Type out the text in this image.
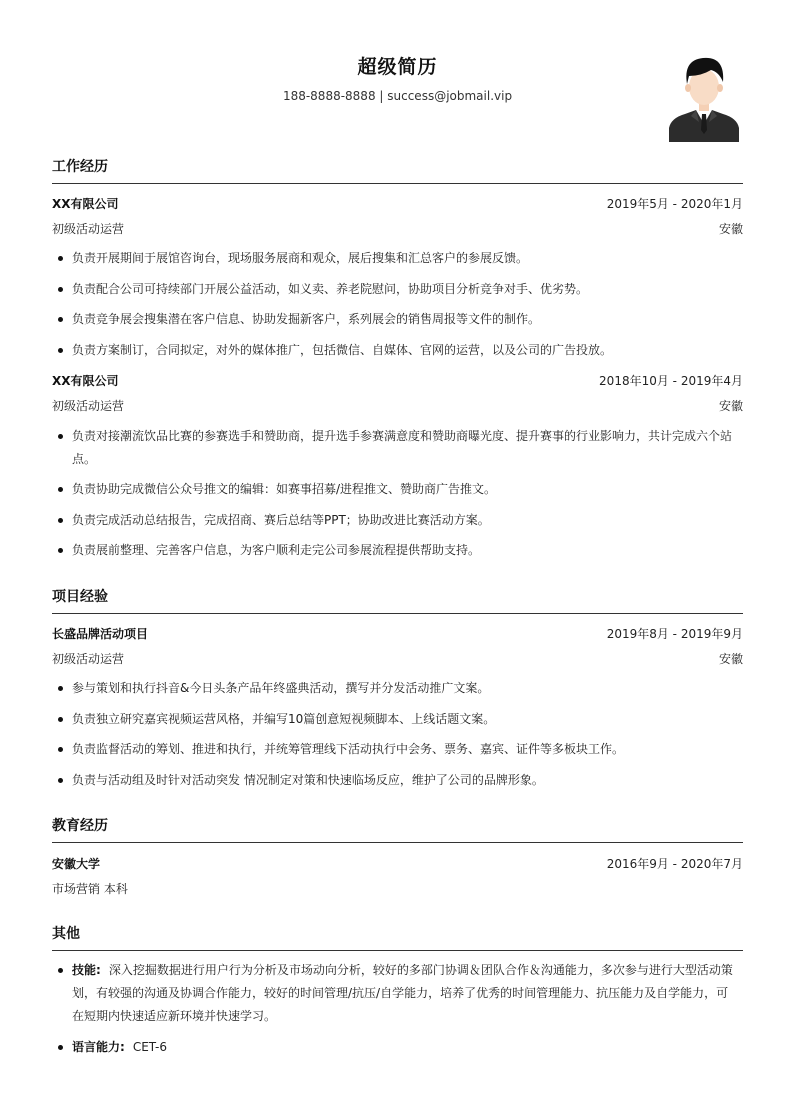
超级简历
188-8888-8888 | success@jobmail.vip
工作经历
XX有限公司	2019年5月 - 2020年1月
初级活动运营	安徽
负责开展期间于展馆咨询台，现场服务展商和观众，展后搜集和汇总客户的参展反馈。
负责配合公司可持续部门开展公益活动，如义卖、养老院慰问，协助项目分析竞争对手、优劣势。
负责竞争展会搜集潜在客户信息、协助发掘新客户，系列展会的销售周报等文件的制作。
负责方案制订，合同拟定，对外的媒体推广，包括微信、自媒体、官网的运营，以及公司的广告投放。
XX有限公司	2018年10月 - 2019年4月
初级活动运营	安徽
负责对接潮流饮品比赛的参赛选手和赞助商，提升选手参赛满意度和赞助商曝光度、提升赛事的行业影响力，共计完成六个站点。
负责协助完成微信公众号推文的编辑：如赛事招募/进程推文、赞助商广告推文。
负责完成活动总结报告，完成招商、赛后总结等PPT；协助改进比赛活动方案。
负责展前整理、完善客户信息，为客户顺利走完公司参展流程提供帮助支持。
项目经验
长盛品牌活动项目	2019年8月 - 2019年9月
初级活动运营	安徽
参与策划和执行抖音&今日头条产品年终盛典活动，撰写并分发活动推广文案。
负责独立研究嘉宾视频运营风格，并编写10篇创意短视频脚本、上线话题文案。
负责监督活动的筹划、推进和执行，并统筹管理线下活动执行中会务、票务、嘉宾、证件等多板块工作。
负责与活动组及时针对活动突发 情况制定对策和快速临场反应，维护了公司的品牌形象。
教育经历
安徽大学	2016年9月 - 2020年7月
市场营销 本科
其他
技能: 深入挖掘数据进行用户行为分析及市场动向分析，较好的多部门协调＆团队合作＆沟通能力，多次参与进行大型活动策划，有较强的沟通及协调合作能力，较好的时间管理/抗压/自学能力，培养了优秀的时间管理能力、抗压能力及自学能力，可在短期内快速适应新环境并快速学习。
语言能力: CET-6
